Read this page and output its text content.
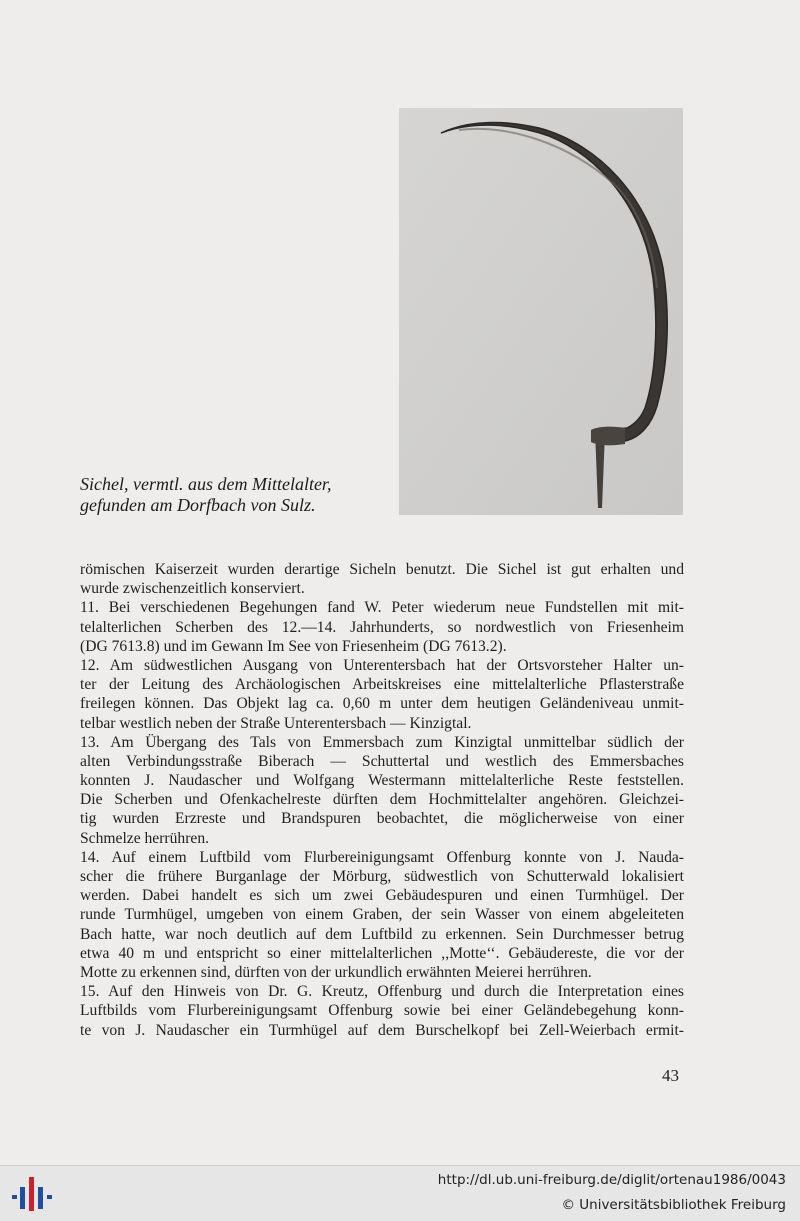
Sichel, vermtl. aus dem Mittelalter,
gefunden am Dorfbach von Sulz.
römischen Kaiserzeit wurden derartige Sicheln benutzt. Die Sichel ist gut erhalten und
wurde zwischenzeitlich konserviert.
11. Bei verschiedenen Begehungen fand W. Peter wiederum neue Fundstellen mit mit-
telalterlichen Scherben des 12.—14. Jahrhunderts, so nordwestlich von Friesenheim
(DG 7613.8) und im Gewann Im See von Friesenheim (DG 7613.2).
12. Am südwestlichen Ausgang von Unterentersbach hat der Ortsvorsteher Halter un-
ter der Leitung des Archäologischen Arbeitskreises eine mittelalterliche Pflasterstraße
freilegen können. Das Objekt lag ca. 0,60 m unter dem heutigen Geländeniveau unmit-
telbar westlich neben der Straße Unterentersbach — Kinzigtal.
13. Am Übergang des Tals von Emmersbach zum Kinzigtal unmittelbar südlich der
alten Verbindungsstraße Biberach — Schuttertal und westlich des Emmersbaches
konnten J. Naudascher und Wolfgang Westermann mittelalterliche Reste feststellen.
Die Scherben und Ofenkachelreste dürften dem Hochmittelalter angehören. Gleichzei-
tig wurden Erzreste und Brandspuren beobachtet, die möglicherweise von einer
Schmelze herrühren.
14. Auf einem Luftbild vom Flurbereinigungsamt Offenburg konnte von J. Nauda-
scher die frühere Burganlage der Mörburg, südwestlich von Schutterwald lokalisiert
werden. Dabei handelt es sich um zwei Gebäudespuren und einen Turmhügel. Der
runde Turmhügel, umgeben von einem Graben, der sein Wasser von einem abgeleiteten
Bach hatte, war noch deutlich auf dem Luftbild zu erkennen. Sein Durchmesser betrug
etwa 40 m und entspricht so einer mittelalterlichen ,,Motte‘‘. Gebäudereste, die vor der
Motte zu erkennen sind, dürften von der urkundlich erwähnten Meierei herrühren.
15. Auf den Hinweis von Dr. G. Kreutz, Offenburg und durch die Interpretation eines
Luftbilds vom Flurbereinigungsamt Offenburg sowie bei einer Geländebegehung konn-
te von J. Naudascher ein Turmhügel auf dem Burschelkopf bei Zell-Weierbach ermit-
43
http://dl.ub.uni-freiburg.de/diglit/ortenau1986/0043
© Universitätsbibliothek Freiburg
